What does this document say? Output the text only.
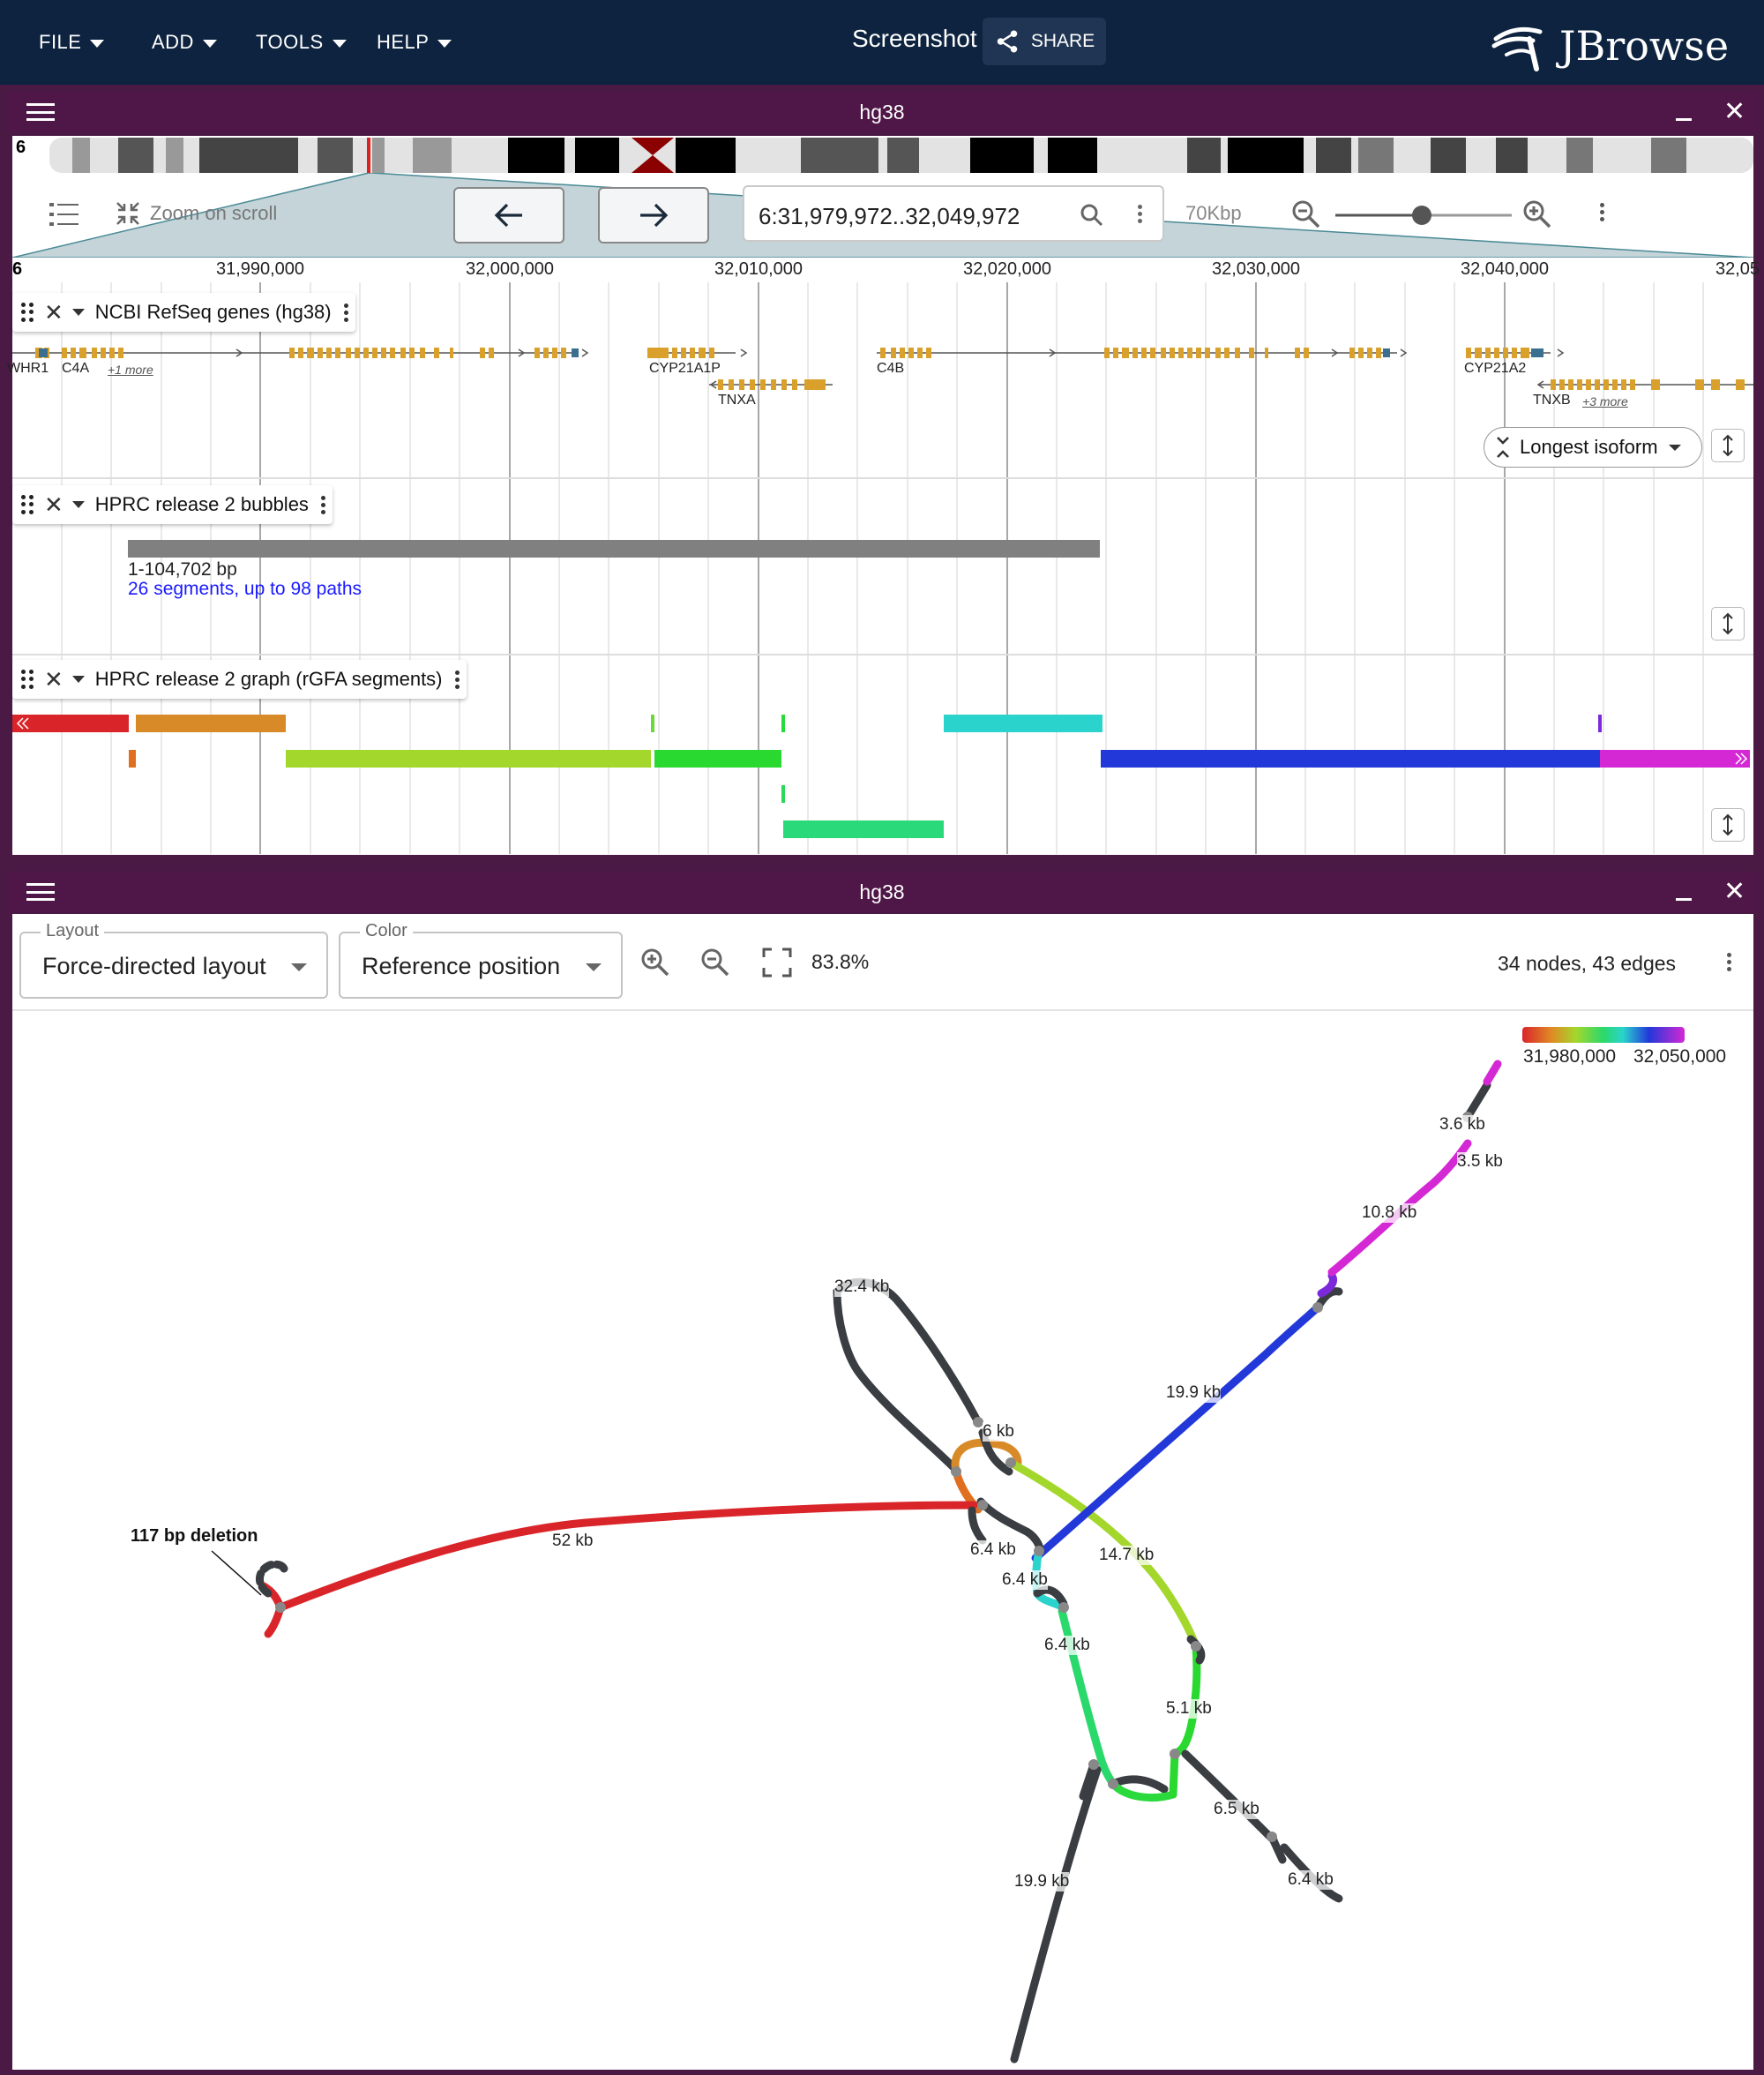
FILE	ADD	TOOLS	HELP	Screenshot	SHARE	JBrowse
hg38	✕
6
Zoom on scroll	6:31,979,972..32,049,972	70Kbp
6	31,990,000	32,000,000	32,010,000	32,020,000	32,030,000	32,040,000	32,05
WHR1 C4A +1 more	CYP21A1P
TNXA
C4B	CYP21A2
TNXB +3 more
✕ NCBI RefSeq genes (hg38)
Longest isoform
✕ HPRC release 2 bubbles
1-104,702 bp
26 segments, up to 98 paths
✕ HPRC release 2 graph (rGFA segments)
hg38	✕
Layout
Force-directed layout
Color
Reference position	83.8%	34 nodes, 43 edges
31,980,000 32,050,000
3.6 kb
3.5 kb
10.8 kb
32.4 kb
19.9 kb
6 kb
52 kb	6.4 kb	14.7 kb
6.4 kb
6.4 kb
5.1 kb
6.5 kb
19.9 kb	6.4 kb
117 bp deletion
